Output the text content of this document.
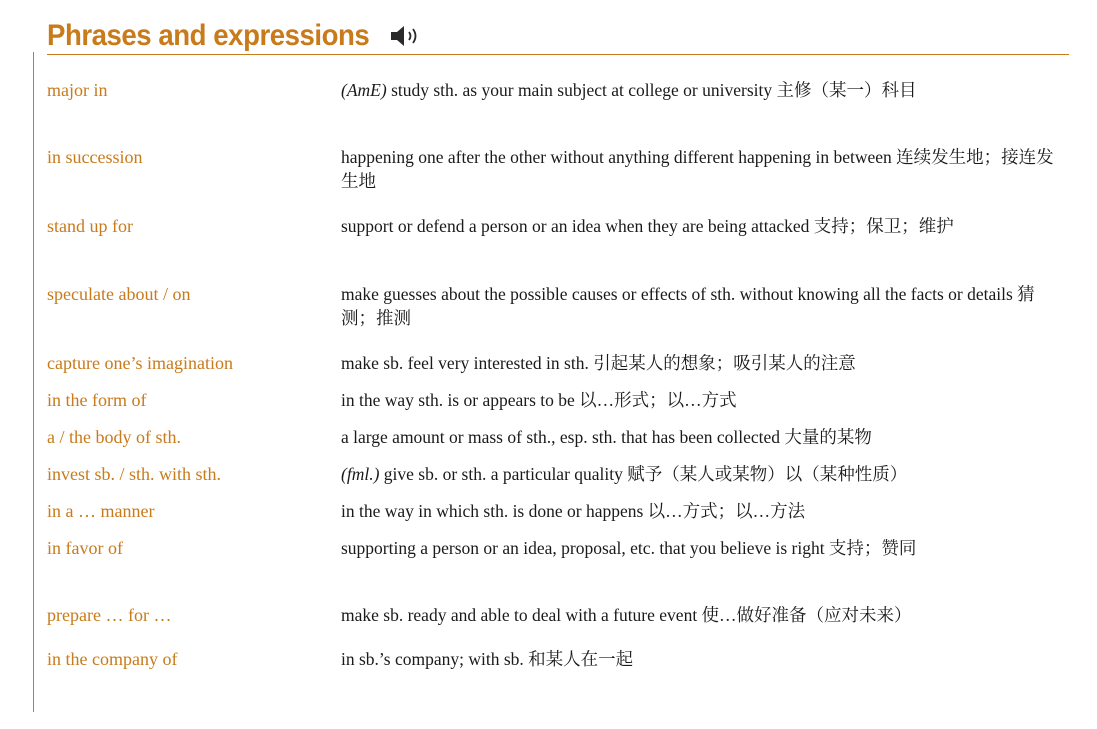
Phrases and expressions
major in	(AmE) study sth. as your main subject at college or university 主修（某一）科目
in succession	happening one after the other without anything different happening in between 连续发生地；接连发生地
stand up for	support or defend a person or an idea when they are being attacked 支持；保卫；维护
speculate about / on	make guesses about the possible causes or effects of sth. without knowing all the facts or details 猜测；推测
capture one’s imagination	make sb. feel very interested in sth. 引起某人的想象；吸引某人的注意
in the form of	in the way sth. is or appears to be 以…形式；以…方式
a / the body of sth.	a large amount or mass of sth., esp. sth. that has been collected 大量的某物
invest sb. / sth. with sth.	(fml.) give sb. or sth. a particular quality 赋予（某人或某物）以（某种性质）
in a … manner	in the way in which sth. is done or happens 以…方式；以…方法
in favor of	supporting a person or an idea, proposal, etc. that you believe is right 支持；赞同
prepare … for …	make sb. ready and able to deal with a future event 使…做好准备（应对未来）
in the company of	in sb.’s company; with sb. 和某人在一起
